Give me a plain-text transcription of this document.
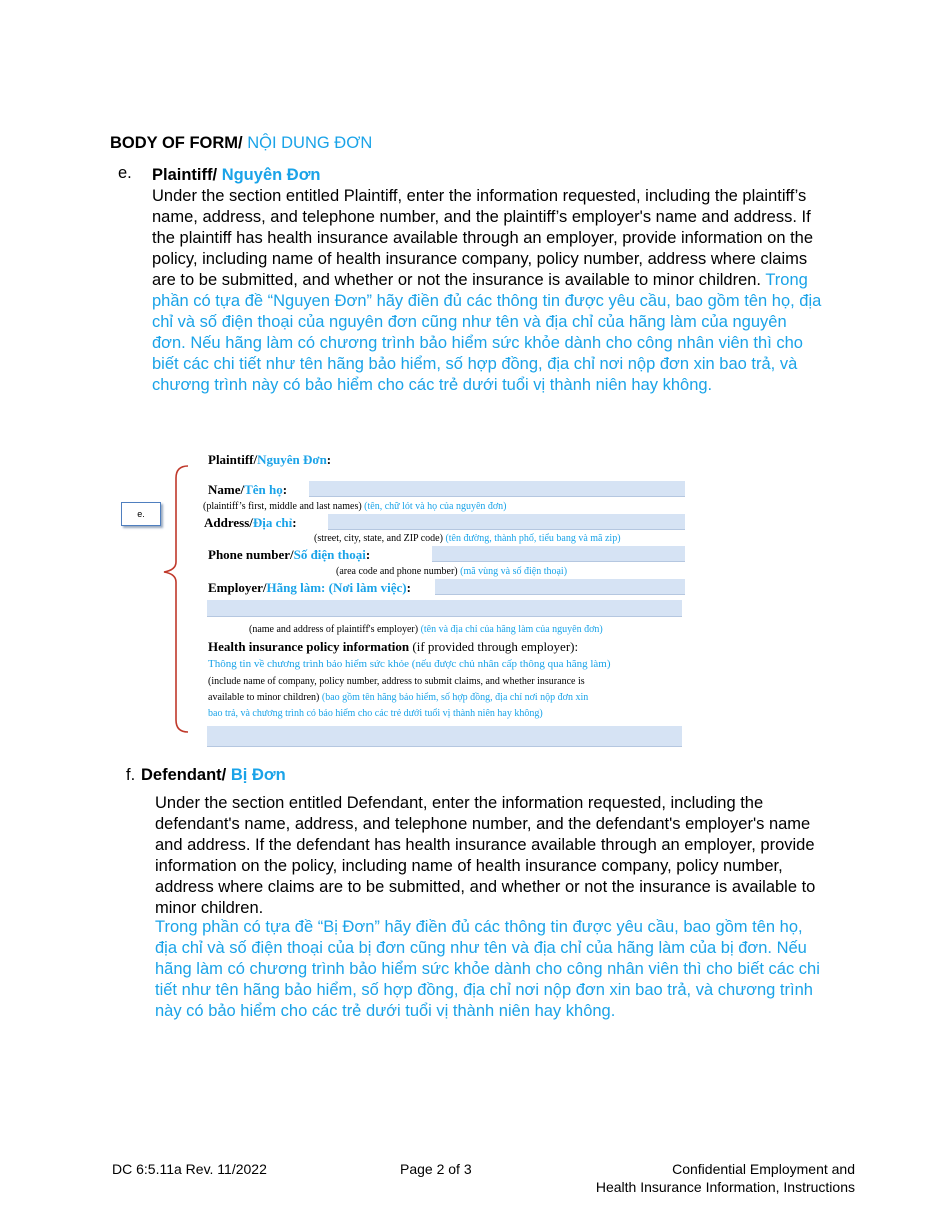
BODY OF FORM/ NỘI DUNG ĐƠN
e. Plaintiff/ Nguyên Đơn
Under the section entitled Plaintiff, enter the information requested, including the plaintiff’s name, address, and telephone number, and the plaintiff’s employer's name and address. If the plaintiff has health insurance available through an employer, provide information on the policy, including name of health insurance company, policy number, address where claims are to be submitted, and whether or not the insurance is available to minor children. Trong phần có tựa đề “Nguyen Đơn” hãy điền đủ các thông tin được yêu cầu, bao gồm tên họ, địa chỉ và số điện thoại của nguyên đơn cũng như tên và địa chỉ của hãng làm của nguyên đơn. Nếu hãng làm có chương trình bảo hiểm sức khỏe dành cho công nhân viên thì cho biết các chi tiết như tên hãng bảo hiểm, số hợp đồng, địa chỉ nơi nộp đơn xin bao trả, và chương trình này có bảo hiểm cho các trẻ dưới tuổi vị thành niên hay không.
e.
Plaintiff/Nguyên Đơn:
Name/Tên họ:
(plaintiff’s first, middle and last names) (tên, chữ lót và họ của nguyên đơn)
Address/Địa chỉ:
(street, city, state, and ZIP code) (tên đường, thành phố, tiểu bang và mã zip)
Phone number/Số điện thoại:
(area code and phone number) (mã vùng và số điện thoại)
Employer/Hãng làm: (Nơi làm việc):
(name and address of plaintiff's employer) (tên và địa chỉ của hãng làm của nguyên đơn)
Health insurance policy information (if provided through employer):
Thông tin về chương trình bảo hiểm sức khỏe (nếu được chủ nhân cấp thông qua hãng làm)
(include name of company, policy number, address to submit claims, and whether insurance is
available to minor children) (bao gồm tên hãng bảo hiểm, số hợp đồng, địa chỉ nơi nộp đơn xin
bao trả, và chương trình có bảo hiểm cho các trẻ dưới tuổi vị thành niên hay không)
f. Defendant/ Bị Đơn
Under the section entitled Defendant, enter the information requested, including the defendant's name, address, and telephone number, and the defendant's employer's name and address. If the defendant has health insurance available through an employer, provide information on the policy, including name of health insurance company, policy number, address where claims are to be submitted, and whether or not the insurance is available to minor children.
Trong phần có tựa đề “Bị Đơn” hãy điền đủ các thông tin được yêu cầu, bao gồm tên họ, địa chỉ và số điện thoại của bị đơn cũng như tên và địa chỉ của hãng làm của bị đơn. Nếu hãng làm có chương trình bảo hiểm sức khỏe dành cho công nhân viên thì cho biết các chi tiết như tên hãng bảo hiểm, số hợp đồng, địa chỉ nơi nộp đơn xin bao trả, và chương trình này có bảo hiểm cho các trẻ dưới tuổi vị thành niên hay không.
DC 6:5.11a Rev. 11/2022	Page 2 of 3	Confidential Employment and
Health Insurance Information, Instructions
